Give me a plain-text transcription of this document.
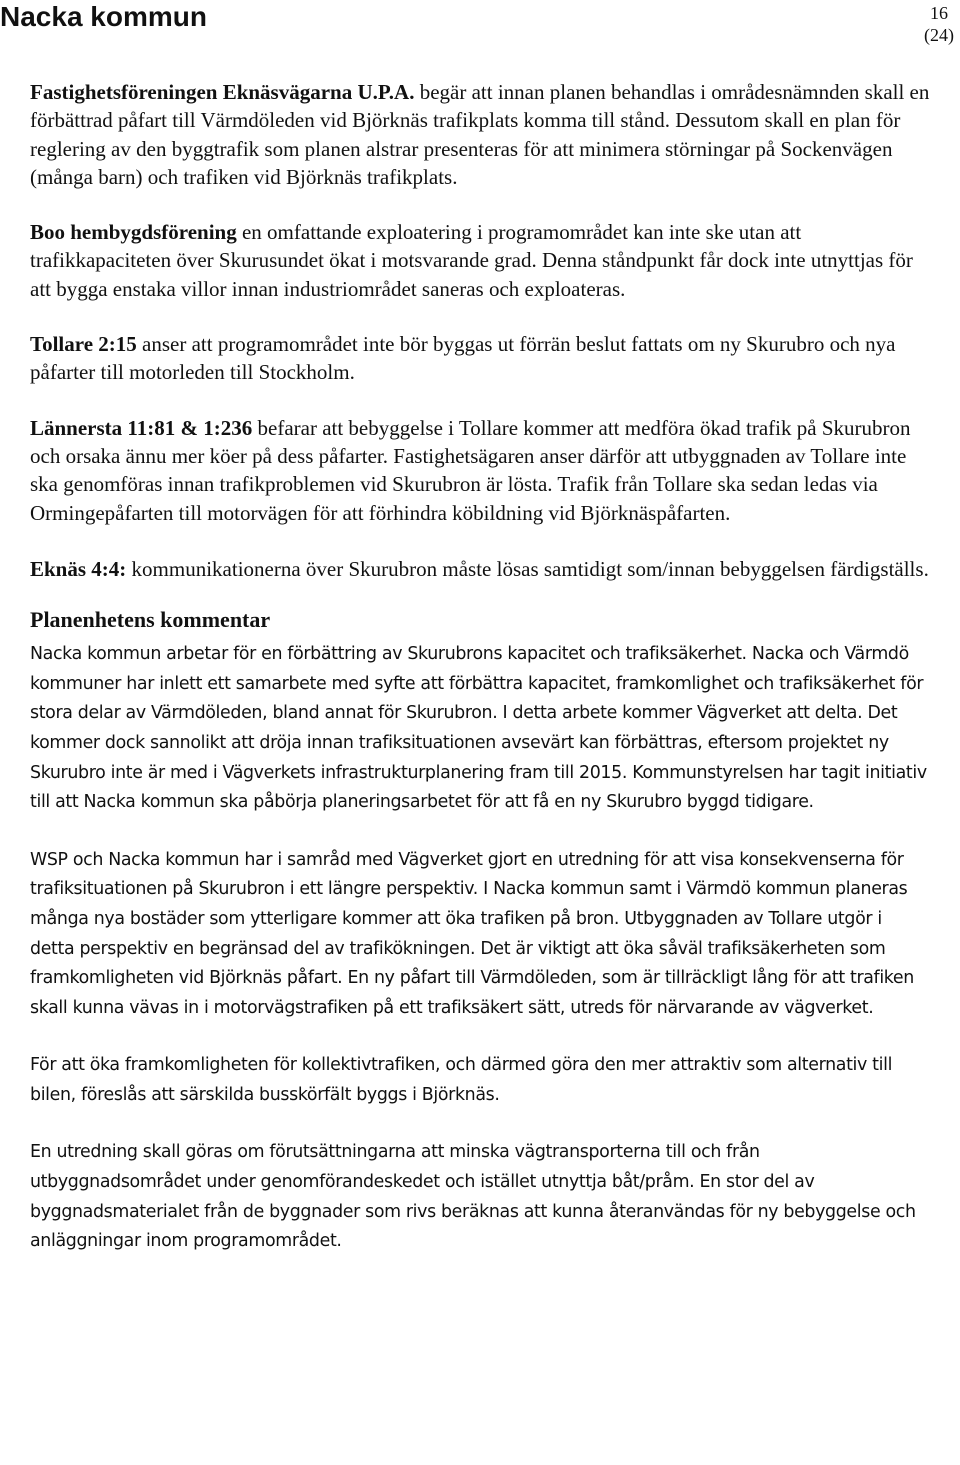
Nacka kommun	16
(24)

Fastighetsföreningen Eknäsvägarna U.P.A. begär att innan planen behandlas i områdesnämnden skall en förbättrad påfart till Värmdöleden vid Björknäs trafikplats komma till stånd. Dessutom skall en plan för reglering av den byggtrafik som planen alstrar presenteras för att minimera störningar på Sockenvägen (många barn) och trafiken vid Björknäs trafikplats.

Boo hembygdsförening en omfattande exploatering i programområdet kan inte ske utan att trafikkapaciteten över Skurusundet ökat i motsvarande grad. Denna ståndpunkt får dock inte utnyttjas för att bygga enstaka villor innan industriområdet saneras och exploateras.

Tollare 2:15 anser att programområdet inte bör byggas ut förrän beslut fattats om ny Skurubro och nya påfarter till motorleden till Stockholm.

Lännersta 11:81 & 1:236 befarar att bebyggelse i Tollare kommer att medföra ökad trafik på Skurubron och orsaka ännu mer köer på dess påfarter. Fastighetsägaren anser därför att utbyggnaden av Tollare inte ska genomföras innan trafikproblemen vid Skurubron är lösta. Trafik från Tollare ska sedan ledas via Ormingepåfarten till motorvägen för att förhindra köbildning vid Björknäspåfarten.

Eknäs 4:4: kommunikationerna över Skurubron måste lösas samtidigt som/innan bebyggelsen färdigställs.

Planenhetens kommentar

Nacka kommun arbetar för en förbättring av Skurubrons kapacitet och trafiksäkerhet. Nacka och Värmdö kommuner har inlett ett samarbete med syfte att förbättra kapacitet, framkomlighet och trafiksäkerhet för stora delar av Värmdöleden, bland annat för Skurubron. I detta arbete kommer Vägverket att delta. Det kommer dock sannolikt att dröja innan trafiksituationen avsevärt kan förbättras, eftersom projektet ny Skurubro inte är med i Vägverkets infrastrukturplanering fram till 2015. Kommunstyrelsen har tagit initiativ till att Nacka kommun ska påbörja planeringsarbetet för att få en ny Skurubro byggd tidigare.

WSP och Nacka kommun har i samråd med Vägverket gjort en utredning för att visa konsekvenserna för trafiksituationen på Skurubron i ett längre perspektiv. I Nacka kommun samt i Värmdö kommun planeras många nya bostäder som ytterligare kommer att öka trafiken på bron. Utbyggnaden av Tollare utgör i detta perspektiv en begränsad del av trafikökningen. Det är viktigt att öka såväl trafiksäkerheten som framkomligheten vid Björknäs påfart. En ny påfart till Värmdöleden, som är tillräckligt lång för att trafiken skall kunna vävas in i motorvägstrafiken på ett trafiksäkert sätt, utreds för närvarande av vägverket.

För att öka framkomligheten för kollektivtrafiken, och därmed göra den mer attraktiv som alternativ till bilen, föreslås att särskilda busskörfält byggs i Björknäs.

En utredning skall göras om förutsättningarna att minska vägtransporterna till och från utbyggnadsområdet under genomförandeskedet och istället utnyttja båt/pråm. En stor del av byggnadsmaterialet från de byggnader som rivs beräknas att kunna återanvändas för ny bebyggelse och anläggningar inom programområdet.
